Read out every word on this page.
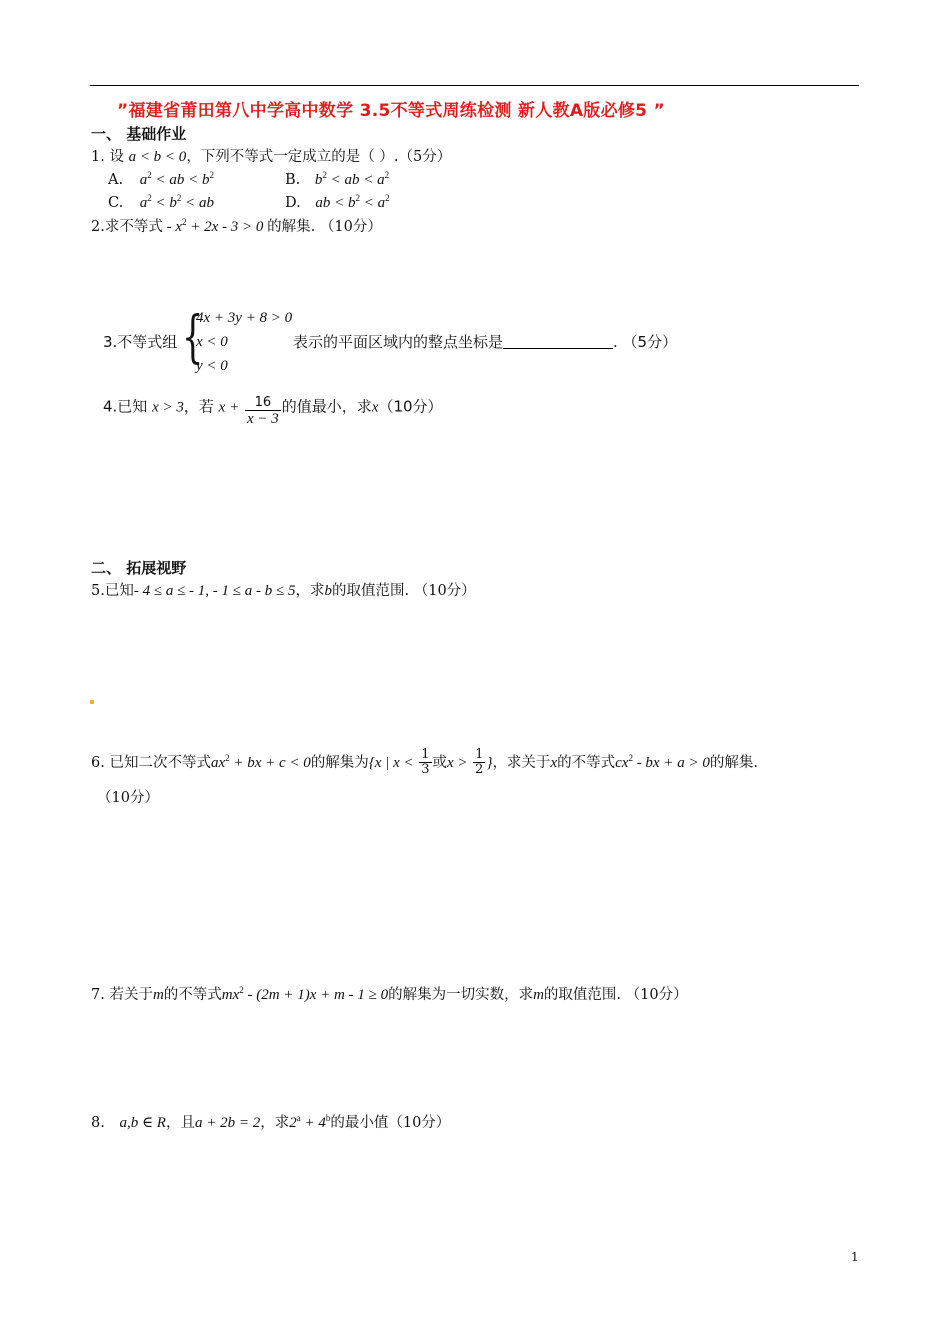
”福建省莆田第八中学高中数学 3.5不等式周练检测 新人教A版必修5 ”
一、 基础作业
1. 设 a < b < 0，下列不等式一定成立的是（ ）.（5分）
A. $a^2$ < ab < $b^2$	B. $b^2$ < ab < $a^2$
C. $a^2 < b^2$ < ab	D. ab < $b^2 < a^2$
2.求不等式 - $x^2 + 2x - 3 > 0$ 的解集. （10分）
3.不等式组 {
4x + 3y + 8 > 0
x < 0
y < 0
表示的平面区域内的整点坐标是	. （5分）
4.已知 x > 3，若 $x + \frac{16}{x - 3}$ 的值最小，求x（10分）
二、 拓展视野
5.已知- 4 ≤ a ≤ - 1, - 1 ≤ a - b ≤ 5，求b的取值范围. （10分）
6. 已知二次不等式$ax^2$ + bx + c < 0的解集为{x | $x < \frac{1}{3}$ 或$x > \frac{1}{2}$ }，求关于x的不等式$cx^2$ - bx + a > 0的解集.
（10分）
7. 若关于m的不等式$mx^2 - (2m + 1)x + m - 1 \ge 0$的解集为一切实数，求m的取值范围. （10分）
8. a,b ∈ R，且a + 2b = 2，求$2^a + 4^b$的最小值（10分）
1
